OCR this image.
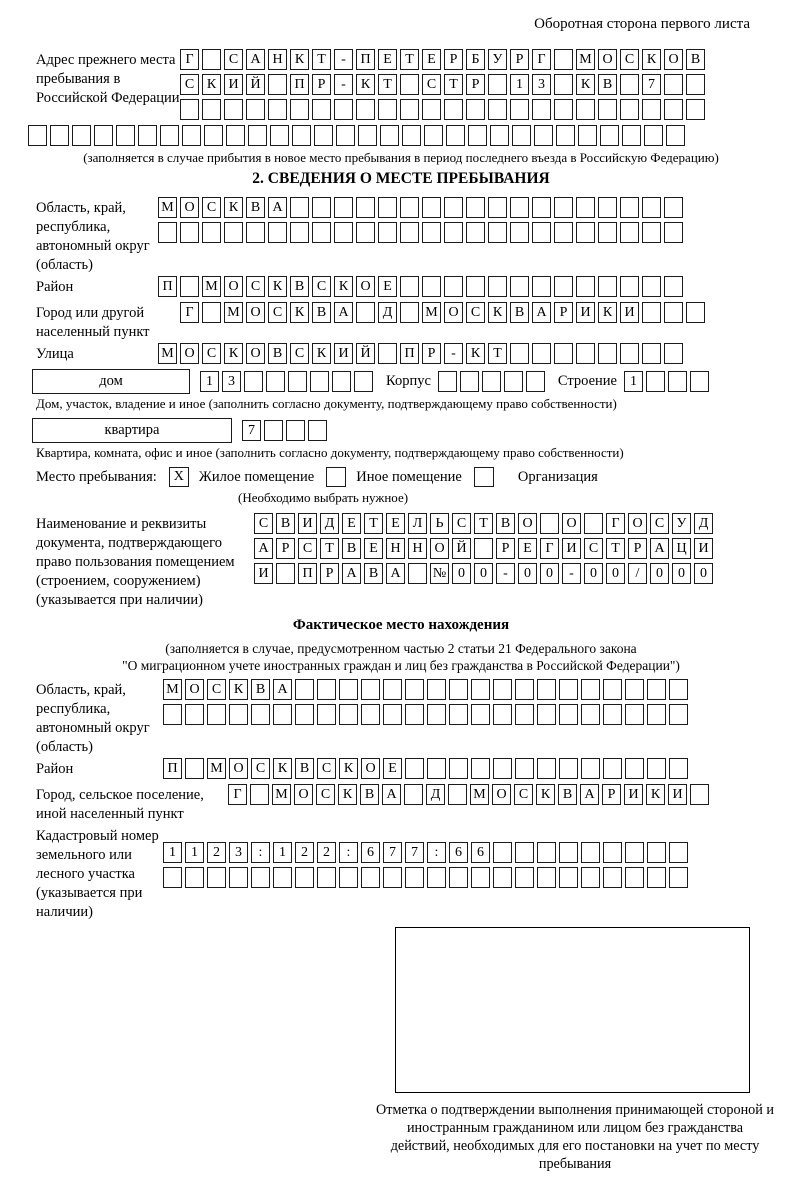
Оборотная сторона первого листа
Адрес прежнего места пребывания в Российской Федерации
Г	С А Н К Т	-	П Е Т Е Р	Б У Р	Г	М О С К О В
С К И Й	П Р	-	К Т	С Т Р	1	3	К В	7
(заполняется в случае прибытия в новое место пребывания в период последнего въезда в Российскую Федерацию)
2. СВЕДЕНИЯ О МЕСТЕ ПРЕБЫВАНИЯ
Область, край, республика, автономный округ (область)
М О С К В А
Район	П	М О С К В С К О Е
Город или другой населенный пункт
Г	М О С К В А	Д	М О С К В А Р И К И
Улица	М О С К О В С К И Й	П Р	-	К Т
дом	1	3	Корпус	Строение 1
Дом, участок, владение и иное (заполнить согласно документу, подтверждающему право собственности)
квартира	7
Квартира, комната, офис и иное (заполнить согласно документу, подтверждающему право собственности)
Место пребывания:	X	Жилое помещение	Иное помещение	Организация
(Необходимо выбрать нужное)
Наименование и реквизиты документа, подтверждающего право пользования помещением (строением, сооружением) (указывается при наличии)
С В И Д Е Т Е Л Ь С Т В О	О	Г О С У Д
А Р С Т В Е Н Н О Й	Р Е Г И С Т Р А Ц И
И	П Р А В А	№ 0	0	-	0	0	-	0	0	/	0	0	0
Фактическое место нахождения
(заполняется в случае, предусмотренном частью 2 статьи 21 Федерального закона
"О миграционном учете иностранных граждан и лиц без гражданства в Российской Федерации")
Область, край, республика, автономный округ (область)
М О С К В А
Район	П	М О С К В С К О Е
Город, сельское поселение, иной населенный пункт
Г	М О С К В А	Д	М О С К В А Р И К И
Кадастровый номер земельного или лесного участка (указывается при наличии)
1	1	2	3	:	1	2	2	:	6	7	7	:	6	6
Отметка о подтверждении выполнения принимающей стороной и иностранным гражданином или лицом без гражданства действий, необходимых для его постановки на учет по месту пребывания
